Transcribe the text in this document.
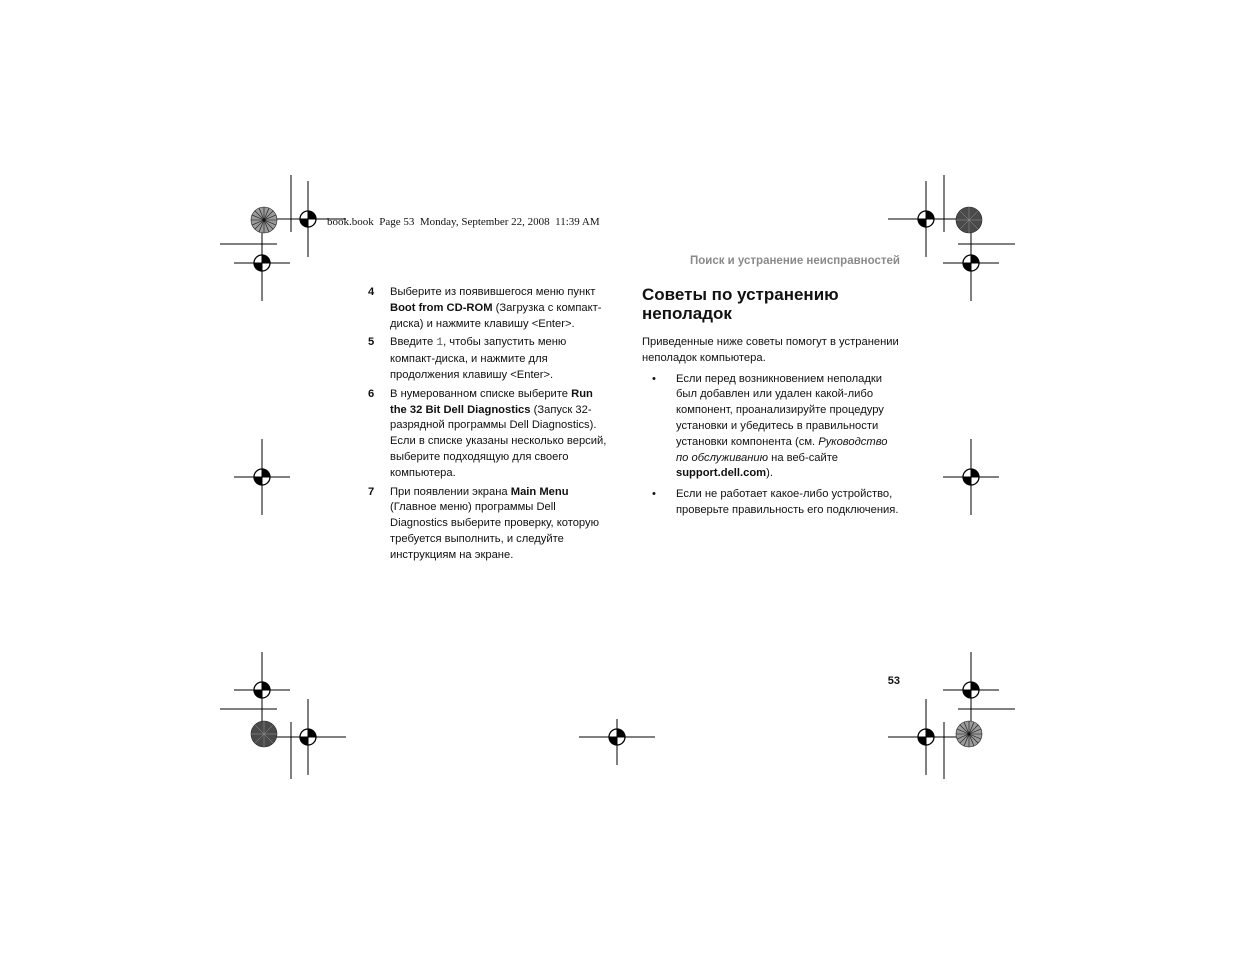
book.book  Page 53  Monday, September 22, 2008  11:39 AM
Поиск и устранение неисправностей
4	Выберите из появившегося меню пункт Boot from CD-ROM (Загрузка с компакт-диска) и нажмите клавишу <Enter>.
5	Введите 1, чтобы запустить меню компакт-диска, и нажмите для продолжения клавишу <Enter>.
6	В нумерованном списке выберите Run the 32 Bit Dell Diagnostics (Запуск 32-разрядной программы Dell Diagnostics). Если в списке указаны несколько версий, выберите подходящую для своего компьютера.
7	При появлении экрана Main Menu (Главное меню) программы Dell Diagnostics выберите проверку, которую требуется выполнить, и следуйте инструкциям на экране.
Советы по устранению неполадок
Приведенные ниже советы помогут в устранении неполадок компьютера.
•	Если перед возникновением неполадки был добавлен или удален какой-либо компонент, проанализируйте процедуру установки и убедитесь в правильности установки компонента (см. Руководство по обслуживанию на веб-сайте support.dell.com).
•	Если не работает какое-либо устройство, проверьте правильность его подключения.
53
